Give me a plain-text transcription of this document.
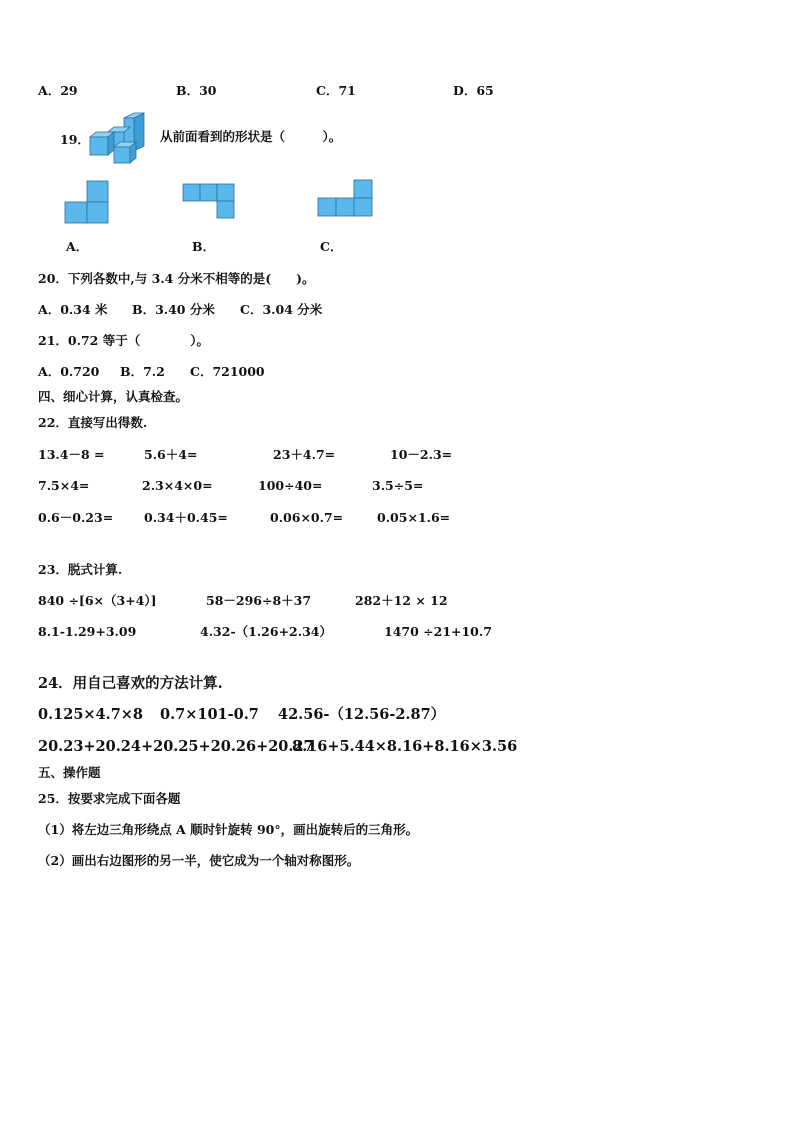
A．29	B．30	C．71	D．65
19．	从前面看到的形状是（　　　）。
A．	B．	C．
20．下列各数中,与 3.4 分米不相等的是(　　)。
A．0.34 米 B．3.40 分米 C．3.04 分米
21．0.72 等于（　　　　）。
A．0.720 B．7.2 C．721000
四、细心计算，认真检查。
22．直接写出得数.
13.4－8 =	5.6＋4=	23＋4.7=	10－2.3=
7.5×4=	2.3×4×0=	100÷40=	3.5÷5=
0.6－0.23= 0.34＋0.45=	0.06×0.7=	0.05×1.6=
23．脱式计算.
840 ÷[6×（3+4）]	58－296÷8＋37	282＋12 × 12
8.1-1.29+3.09	4.32-（1.26+2.34）	1470 ÷21+10.7
24．用自己喜欢的方法计算.
0.125×4.7×8 0.7×101-0.7 42.56-（12.56-2.87）
20.23+20.24+20.25+20.26+20.27
8.16+5.44×8.16+8.16×3.56
五、操作题
25．按要求完成下面各题
（1）将左边三角形绕点 A 顺时针旋转 90°，画出旋转后的三角形。
（2）画出右边图形的另一半，使它成为一个轴对称图形。
